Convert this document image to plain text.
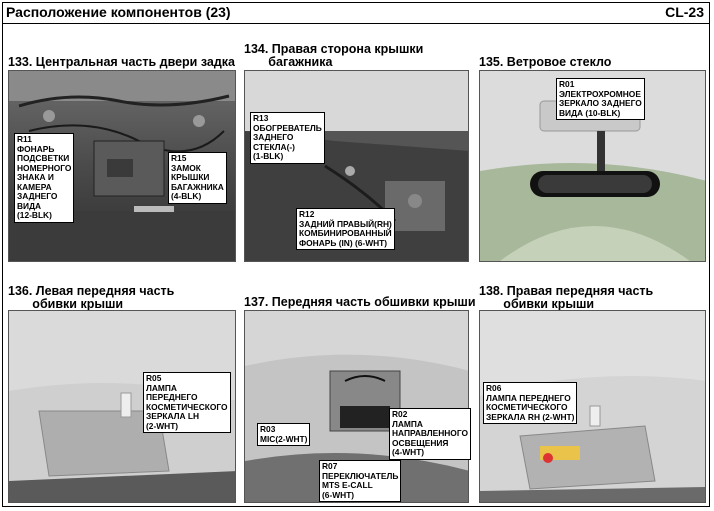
Расположение компонентов (23)	CL-23
133. Центральная часть двери задка
R11
ФОНАРЬ
ПОДСВЕТКИ
НОМЕРНОГО
ЗНАКА И
КАМЕРА
ЗАДНЕГО
ВИДА
(12-BLK)
R15
ЗАМОК
КРЫШКИ
БАГАЖНИКА
(4-BLK)
134. Правая сторона крышки
багажника
R13
ОБОГРЕВАТЕЛЬ
ЗАДНЕГО
СТЕКЛА(-)
(1-BLK)
R12
ЗАДНИЙ ПРАВЫЙ(RH)
КОМБИНИРОВАННЫЙ
ФОНАРЬ (IN) (6-WHT)
135. Ветровое стекло
R01
ЭЛЕКТРОХРОМНОЕ
ЗЕРКАЛО ЗАДНЕГО
ВИДА (10-BLK)
136. Левая передняя часть
обивки крыши
R05
ЛАМПА
ПЕРЕДНЕГО
КОСМЕТИЧЕСКОГО
ЗЕРКАЛА LH
(2-WHT)
137. Передняя часть обшивки крыши
R03
MIC(2-WHT)
R02
ЛАМПА
НАПРАВЛЕННОГО
ОСВЕЩЕНИЯ
(4-WHT)
R07
ПЕРЕКЛЮЧАТЕЛЬ
MTS E-CALL
(6-WHT)
138. Правая передняя часть
обивки крыши
R06
ЛАМПА ПЕРЕДНЕГО
КОСМЕТИЧЕСКОГО
ЗЕРКАЛА RH (2-WHT)
